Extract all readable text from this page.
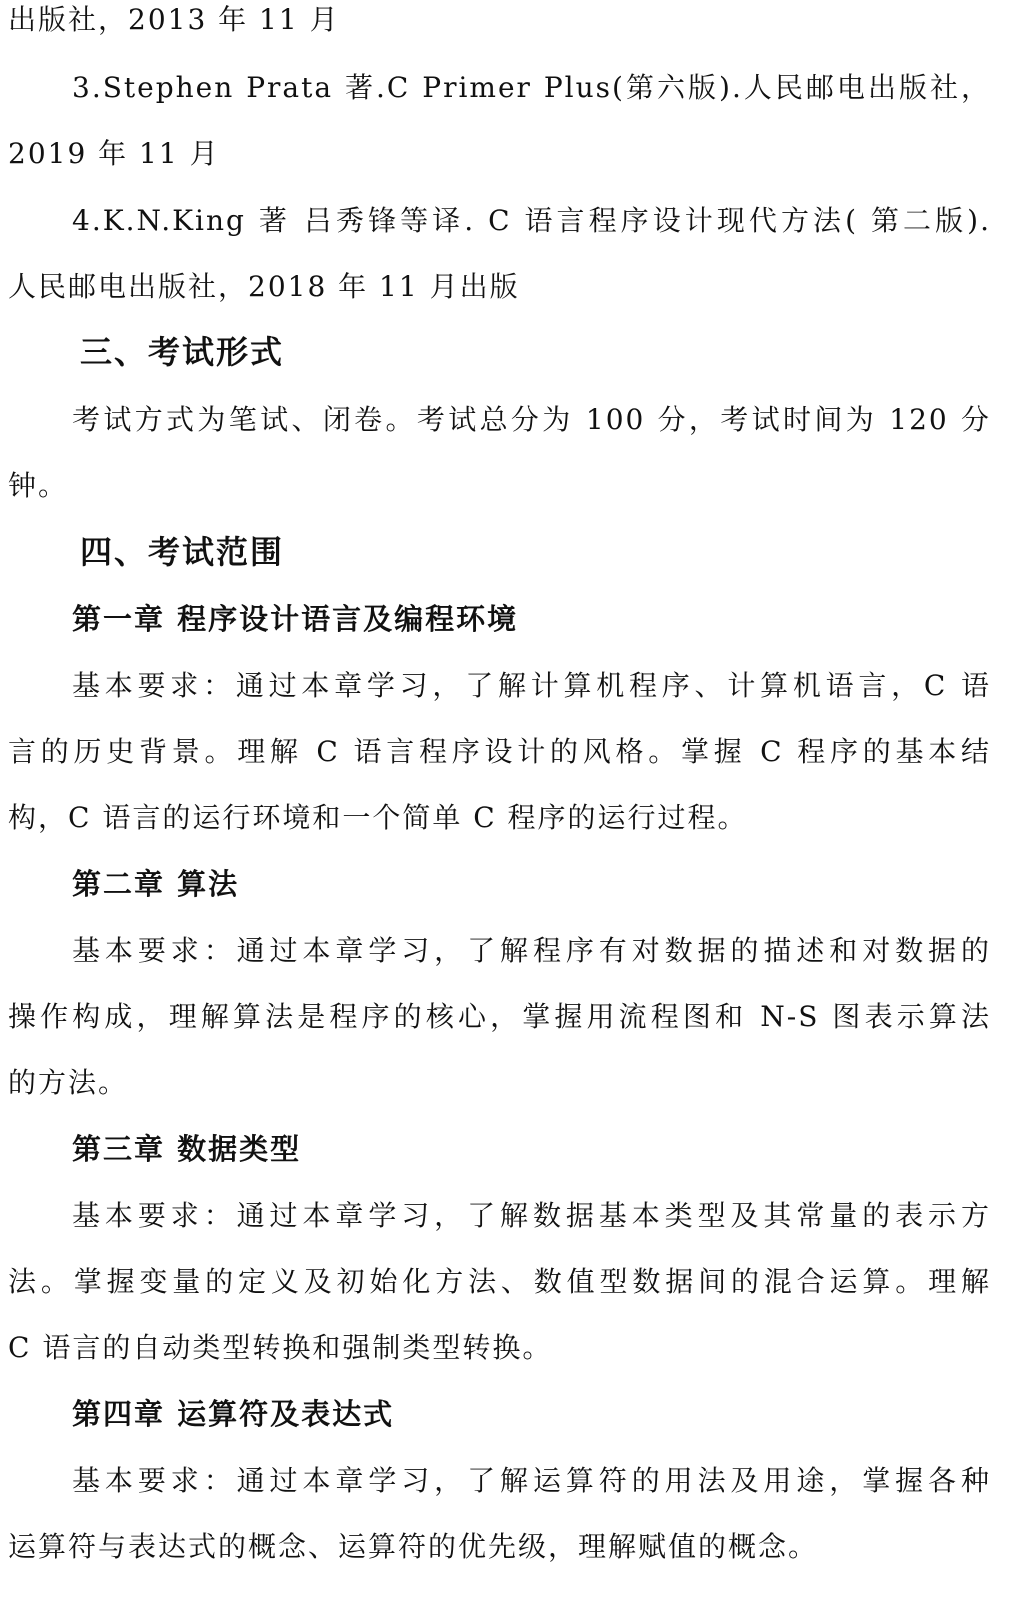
出版社，2013 年 11 月
3.Stephen Prata 著.C Primer Plus(第六版).人民邮电出版社，
2019 年 11 月
4.K.N.King 著 吕秀锋等译. C 语言程序设计现代方法( 第二版).
人民邮电出版社，2018 年 11 月出版
三、考试形式
考试方式为笔试、闭卷。考试总分为 100 分，考试时间为 120 分
钟。
四、考试范围
第一章 程序设计语言及编程环境
基本要求：通过本章学习，了解计算机程序、计算机语言，C 语
言的历史背景。理解 C 语言程序设计的风格。掌握 C 程序的基本结
构，C 语言的运行环境和一个简单 C 程序的运行过程。
第二章 算法
基本要求：通过本章学习，了解程序有对数据的描述和对数据的
操作构成，理解算法是程序的核心，掌握用流程图和 N-S 图表示算法
的方法。
第三章 数据类型
基本要求：通过本章学习，了解数据基本类型及其常量的表示方
法。掌握变量的定义及初始化方法、数值型数据间的混合运算。理解
C 语言的自动类型转换和强制类型转换。
第四章 运算符及表达式
基本要求：通过本章学习，了解运算符的用法及用途，掌握各种
运算符与表达式的概念、运算符的优先级，理解赋值的概念。
